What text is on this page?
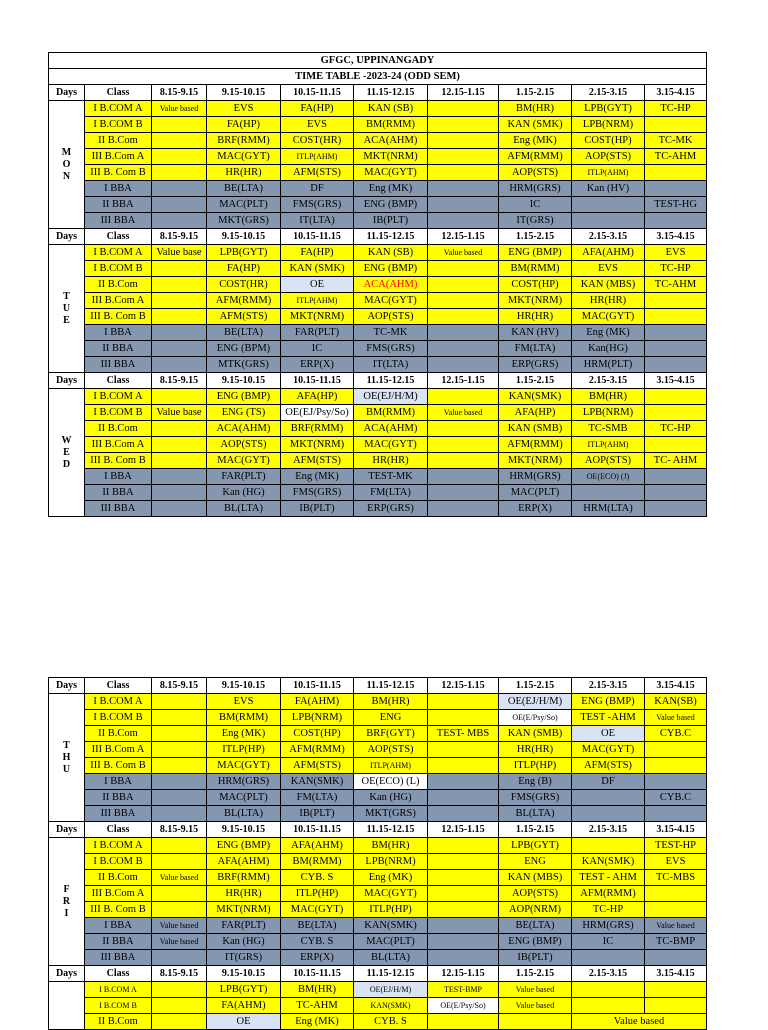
GFGC, UPPINANGADY									
TIME TABLE -2023-24 (ODD SEM)									
Days	Class	8.15-9.15	9.15-10.15	10.15-11.15	11.15-12.15	12.15-1.15	1.15-2.15	2.15-3.15	3.15-4.15

M
O
N	I B.COM A	Value based	EVS	FA(HP)	KAN (SB)		BM(HR)	LPB(GYT)	TC-HP
	I B.COM B		FA(HP)	EVS	BM(RMM)		KAN (SMK)	LPB(NRM)	
	II B.Com		BRF(RMM)	COST(HR)	ACA(AHM)		Eng (MK)	COST(HP)	TC-MK
	III B.Com A		MAC(GYT)	ITLP(AHM)	MKT(NRM)		AFM(RMM)	AOP(STS)	TC-AHM
	III B. Com B		HR(HR)	AFM(STS)	MAC(GYT)		AOP(STS)	ITLP(AHM)	
	I BBA		BE(LTA)	DF	Eng (MK)		HRM(GRS)	Kan (HV)	
	II BBA		MAC(PLT)	FMS(GRS)	ENG (BMP)		IC		TEST-HG
	III BBA		MKT(GRS)	IT(LTA)	IB(PLT)		IT(GRS)		
Days	Class	8.15-9.15	9.15-10.15	10.15-11.15	11.15-12.15	12.15-1.15	1.15-2.15	2.15-3.15	3.15-4.15

T
U
E	I B.COM A	Value base	LPB(GYT)	FA(HP)	KAN (SB)	Value based	ENG (BMP)	AFA(AHM)	EVS
	I B.COM B		FA(HP)	KAN (SMK)	ENG (BMP)		BM(RMM)	EVS	TC-HP
	II B.Com		COST(HR)	OE	ACA(AHM)		COST(HP)	KAN (MBS)	TC-AHM
	III B.Com A		AFM(RMM)	ITLP(AHM)	MAC(GYT)		MKT(NRM)	HR(HR)	
	III B. Com B		AFM(STS)	MKT(NRM)	AOP(STS)		HR(HR)	MAC(GYT)	
	I BBA		BE(LTA)	FAR(PLT)	TC-MK		KAN (HV)	Eng (MK)	
	II BBA		ENG (BPM)	IC	FMS(GRS)		FM(LTA)	Kan(HG)	
	III BBA		MTK(GRS)	ERP(X)	IT(LTA)		ERP(GRS)	HRM(PLT)	
Days	Class	8.15-9.15	9.15-10.15	10.15-11.15	11.15-12.15	12.15-1.15	1.15-2.15	2.15-3.15	3.15-4.15

W
E
D	I B.COM A		ENG (BMP)	AFA(HP)	OE(EJ/H/M)		KAN(SMK)	BM(HR)	
	I B.COM B	Value base	ENG (TS)	OE(EJ/Psy/So)	BM(RMM)	Value based	AFA(HP)	LPB(NRM)	
	II B.Com		ACA(AHM)	BRF(RMM)	ACA(AHM)		KAN (SMB)	TC-SMB	TC-HP
	III B.Com A		AOP(STS)	MKT(NRM)	MAC(GYT)		AFM(RMM)	ITLP(AHM)	
	III B. Com B		MAC(GYT)	AFM(STS)	HR(HR)		MKT(NRM)	AOP(STS)	TC- AHM
	I BBA		FAR(PLT)	Eng (MK)	TEST-MK		HRM(GRS)	OE(ECO) (J)	
	II BBA		Kan (HG)	FMS(GRS)	FM(LTA)		MAC(PLT)		
	III BBA		BL(LTA)	IB(PLT)	ERP(GRS)		ERP(X)	HRM(LTA)	
Days	Class	8.15-9.15	9.15-10.15	10.15-11.15	11.15-12.15	12.15-1.15	1.15-2.15	2.15-3.15	3.15-4.15

T
H
U	I B.COM A		EVS	FA(AHM)	BM(HR)		OE(EJ/H/M)	ENG (BMP)	KAN(SB)
	I B.COM B		BM(RMM)	LPB(NRM)	ENG		OE(E/Psy/So)	TEST -AHM	Value based
	II B.Com		Eng (MK)	COST(HP)	BRF(GYT)	TEST- MBS	KAN (SMB)	OE	CYB.C
	III B.Com A		ITLP(HP)	AFM(RMM)	AOP(STS)		HR(HR)	MAC(GYT)	
	III B. Com B		MAC(GYT)	AFM(STS)	ITLP(AHM)		ITLP(HP)	AFM(STS)	
	I BBA		HRM(GRS)	KAN(SMK)	OE(ECO) (L)		Eng (B)	DF	
	II BBA		MAC(PLT)	FM(LTA)	Kan (HG)		FMS(GRS)		CYB.C
	III BBA		BL(LTA)	IB(PLT)	MKT(GRS)		BL(LTA)		
Days	Class	8.15-9.15	9.15-10.15	10.15-11.15	11.15-12.15	12.15-1.15	1.15-2.15	2.15-3.15	3.15-4.15

F
R
I	I B.COM A		ENG (BMP)	AFA(AHM)	BM(HR)		LPB(GYT)		TEST-HP
	I B.COM B		AFA(AHM)	BM(RMM)	LPB(NRM)		ENG	KAN(SMK)	EVS
	II B.Com	Value based	BRF(RMM)	CYB. S	Eng (MK)		KAN (MBS)	TEST - AHM	TC-MBS
	III B.Com A		HR(HR)	ITLP(HP)	MAC(GYT)		AOP(STS)	AFM(RMM)	
	III B. Com B		MKT(NRM)	MAC(GYT)	ITLP(HP)		AOP(NRM)	TC-HP	
	I BBA	Value based	FAR(PLT)	BE(LTA)	KAN(SMK)		BE(LTA)	HRM(GRS)	Value based
	II BBA	Value based	Kan (HG)	CYB. S	MAC(PLT)		ENG (BMP)	IC	TC-BMP
	III BBA		IT(GRS)	ERP(X)	BL(LTA)		IB(PLT)		
Days	Class	8.15-9.15	9.15-10.15	10.15-11.15	11.15-12.15	12.15-1.15	1.15-2.15	2.15-3.15	3.15-4.15
	I B.COM A		LPB(GYT)	BM(HR)	OE(EJ/H/M)	TEST-BMP	Value based		
	I B.COM B		FA(AHM)	TC-AHM	KAN(SMK)	OE(E/Psy/So)	Value based		
	II B.Com		OE	Eng (MK)	CYB. S			Value based	
